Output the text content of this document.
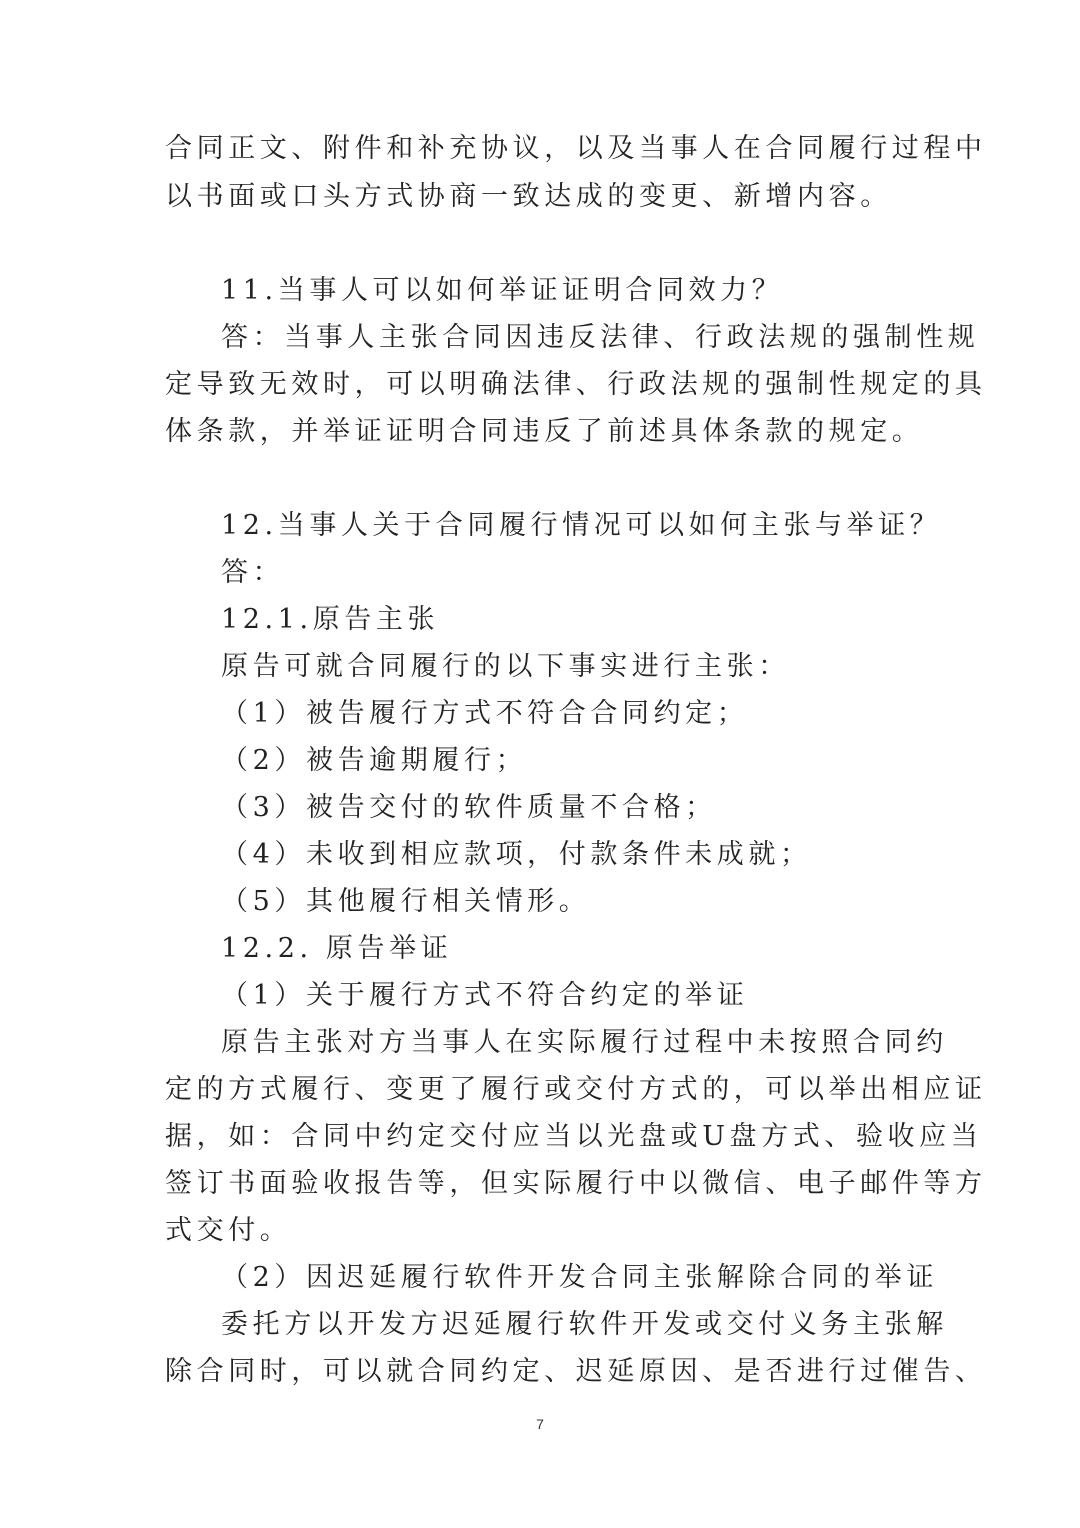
合同正文、附件和补充协议，以及当事人在合同履行过程中
以书面或口头方式协商一致达成的变更、新增内容。
11.当事人可以如何举证证明合同效力？
答：当事人主张合同因违反法律、行政法规的强制性规
定导致无效时，可以明确法律、行政法规的强制性规定的具
体条款，并举证证明合同违反了前述具体条款的规定。
12.当事人关于合同履行情况可以如何主张与举证？
答：
12.1.原告主张
原告可就合同履行的以下事实进行主张：
（1）被告履行方式不符合合同约定；
（2）被告逾期履行；
（3）被告交付的软件质量不合格；
（4）未收到相应款项，付款条件未成就；
（5）其他履行相关情形。
12.2. 原告举证
（1）关于履行方式不符合约定的举证
原告主张对方当事人在实际履行过程中未按照合同约
定的方式履行、变更了履行或交付方式的，可以举出相应证
据，如：合同中约定交付应当以光盘或U盘方式、验收应当
签订书面验收报告等，但实际履行中以微信、电子邮件等方
式交付。
（2）因迟延履行软件开发合同主张解除合同的举证
委托方以开发方迟延履行软件开发或交付义务主张解
除合同时，可以就合同约定、迟延原因、是否进行过催告、
7
